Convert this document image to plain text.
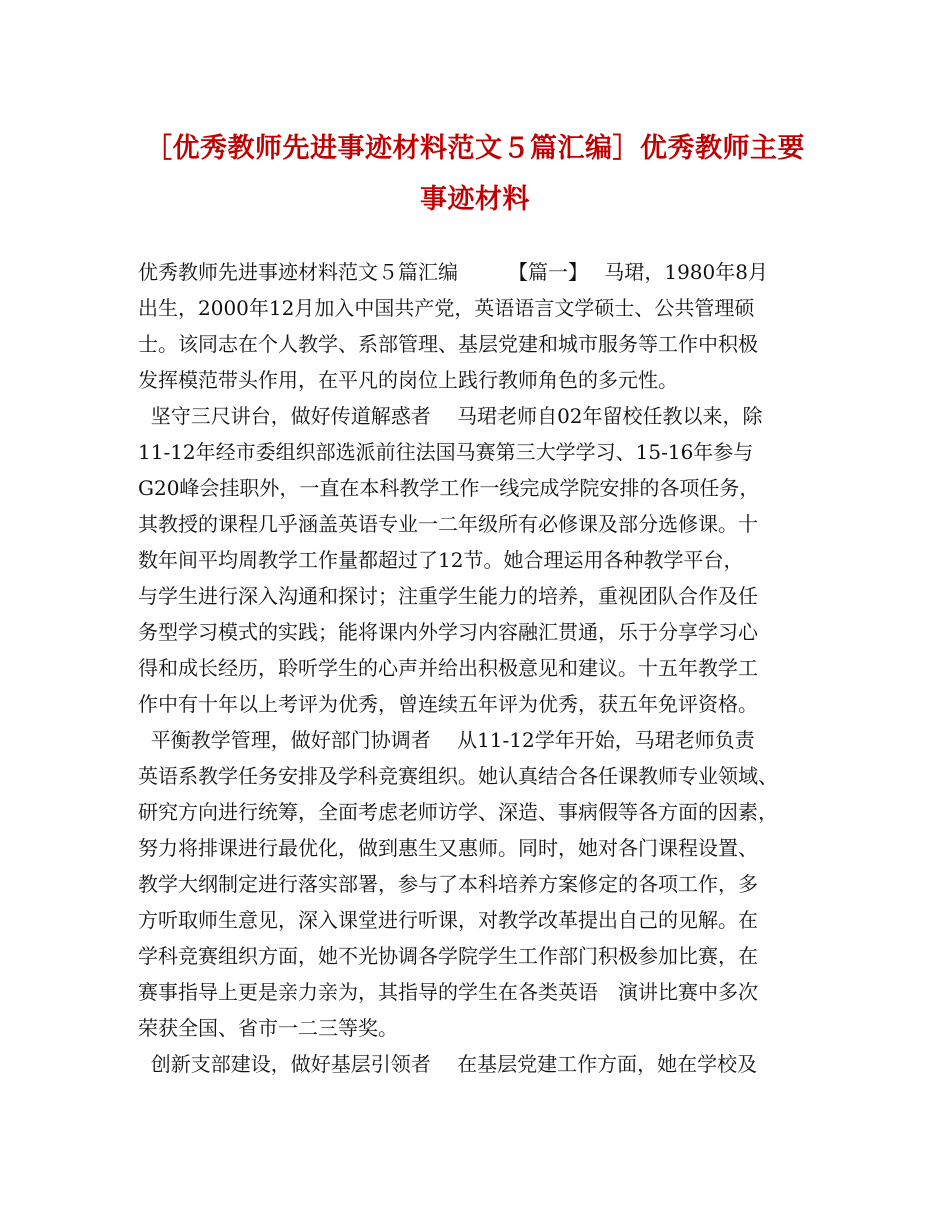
［优秀教师先进事迹材料范文５篇汇编］优秀教师主要
事迹材料
优秀教师先进事迹材料范文５篇汇编　　　【篇一】　 马珺，1980年8月
出生，2000年12月加入中国共产党，英语语言文学硕士、公共管理硕
士。该同志在个人教学、系部管理、基层党建和城市服务等工作中积极
发挥模范带头作用，在平凡的岗位上践行教师角色的多元性。
坚守三尺讲台，做好传道解惑者　 马珺老师自02年留校任教以来，除
11-12年经市委组织部选派前往法国马赛第三大学学习、15-16年参与
G20峰会挂职外，一直在本科教学工作一线完成学院安排的各项任务，
其教授的课程几乎涵盖英语专业一二年级所有必修课及部分选修课。十
数年间平均周教学工作量都超过了12节。她合理运用各种教学平台，
与学生进行深入沟通和探讨；注重学生能力的培养，重视团队合作及任
务型学习模式的实践；能将课内外学习内容融汇贯通，乐于分享学习心
得和成长经历，聆听学生的心声并给出积极意见和建议。十五年教学工
作中有十年以上考评为优秀，曾连续五年评为优秀，获五年免评资格。
平衡教学管理，做好部门协调者　 从11-12学年开始，马珺老师负责
英语系教学任务安排及学科竞赛组织。她认真结合各任课教师专业领域、
研究方向进行统筹，全面考虑老师访学、深造、事病假等各方面的因素，
努力将排课进行最优化，做到惠生又惠师。同时，她对各门课程设置、
教学大纲制定进行落实部署，参与了本科培养方案修定的各项工作，多
方听取师生意见，深入课堂进行听课，对教学改革提出自己的见解。在
学科竞赛组织方面，她不光协调各学院学生工作部门积极参加比赛，在
赛事指导上更是亲力亲为，其指导的学生在各类英语　演讲比赛中多次
荣获全国、省市一二三等奖。
创新支部建设，做好基层引领者　 在基层党建工作方面，她在学校及
